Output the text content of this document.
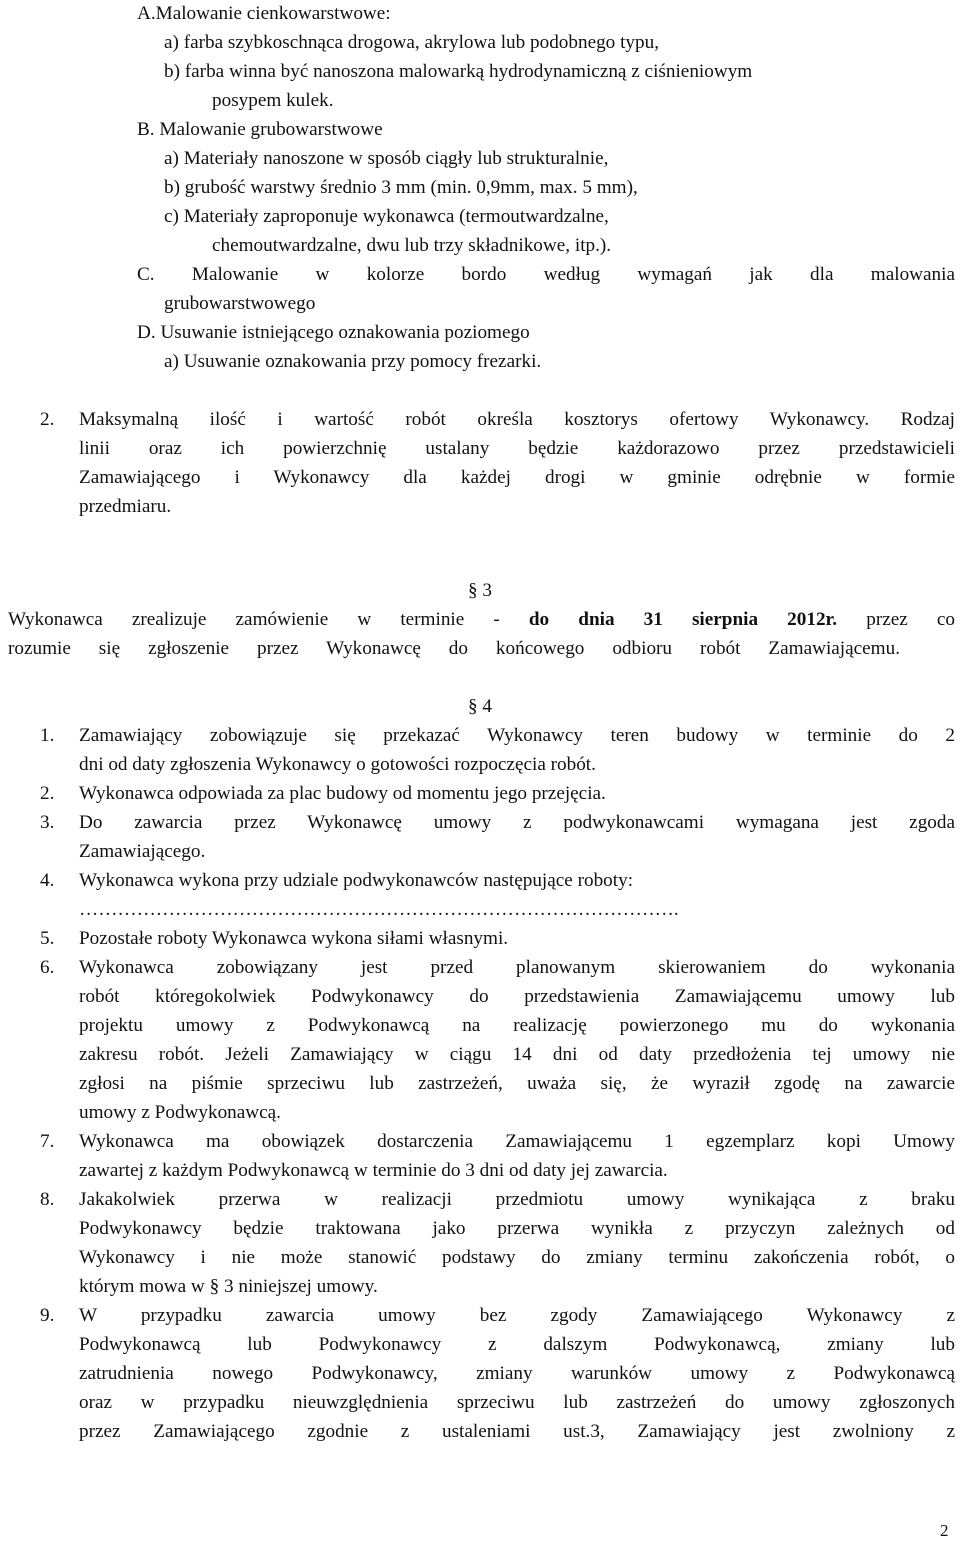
A.Malowanie cienkowarstwowe:
a) farba szybkoschnąca drogowa, akrylowa lub podobnego typu,
b) farba winna być nanoszona malowarką hydrodynamiczną z ciśnieniowym
posypem kulek.
B. Malowanie grubowarstwowe
a) Materiały nanoszone w sposób ciągły lub strukturalnie,
b) grubość warstwy średnio 3 mm (min. 0,9mm, max. 5 mm),
c) Materiały zaproponuje wykonawca (termoutwardzalne,
chemoutwardzalne, dwu lub trzy składnikowe, itp.).
C. Malowanie w kolorze bordo według wymagań jak dla malowania
grubowarstwowego
D. Usuwanie istniejącego oznakowania poziomego
a) Usuwanie oznakowania przy pomocy frezarki.
2.	Maksymalną ilość i wartość robót określa kosztorys ofertowy Wykonawcy. Rodzaj
linii oraz ich powierzchnię ustalany będzie każdorazowo przez przedstawicieli
Zamawiającego i Wykonawcy dla każdej drogi w gminie odrębnie w formie
przedmiaru.
§ 3
Wykonawca zrealizuje zamówienie w terminie - do dnia 31 sierpnia 2012r. przez co
rozumie się zgłoszenie przez Wykonawcę do końcowego odbioru robót Zamawiającemu.
§ 4
1.	Zamawiający zobowiązuje się przekazać Wykonawcy teren budowy w terminie do 2
dni od daty zgłoszenia Wykonawcy o gotowości rozpoczęcia robót.
2.	Wykonawca odpowiada za plac budowy od momentu jego przejęcia.
3.	Do zawarcia przez Wykonawcę umowy z podwykonawcami wymagana jest zgoda
Zamawiającego.
4.	Wykonawca wykona przy udziale podwykonawców następujące roboty:
………………………………………………………………………………….
5.	Pozostałe roboty Wykonawca wykona siłami własnymi.
6.	Wykonawca zobowiązany jest przed planowanym skierowaniem do wykonania
robót któregokolwiek Podwykonawcy do przedstawienia Zamawiającemu umowy lub
projektu umowy z Podwykonawcą na realizację powierzonego mu do wykonania
zakresu robót. Jeżeli Zamawiający w ciągu 14 dni od daty przedłożenia tej umowy nie
zgłosi na piśmie sprzeciwu lub zastrzeżeń, uważa się, że wyraził zgodę na zawarcie
umowy z Podwykonawcą.
7.	Wykonawca ma obowiązek dostarczenia Zamawiającemu 1 egzemplarz kopi Umowy
zawartej z każdym Podwykonawcą w terminie do 3 dni od daty jej zawarcia.
8.	Jakakolwiek przerwa w realizacji przedmiotu umowy wynikająca z braku
Podwykonawcy będzie traktowana jako przerwa wynikła z przyczyn zależnych od
Wykonawcy i nie może stanowić podstawy do zmiany terminu zakończenia robót, o
którym mowa w § 3 niniejszej umowy.
9.	W przypadku zawarcia umowy bez zgody Zamawiającego Wykonawcy z
Podwykonawcą lub Podwykonawcy z dalszym Podwykonawcą, zmiany lub
zatrudnienia nowego Podwykonawcy, zmiany warunków umowy z Podwykonawcą
oraz w przypadku nieuwzględnienia sprzeciwu lub zastrzeżeń do umowy zgłoszonych
przez Zamawiającego zgodnie z ustaleniami ust.3, Zamawiający jest zwolniony z
2
